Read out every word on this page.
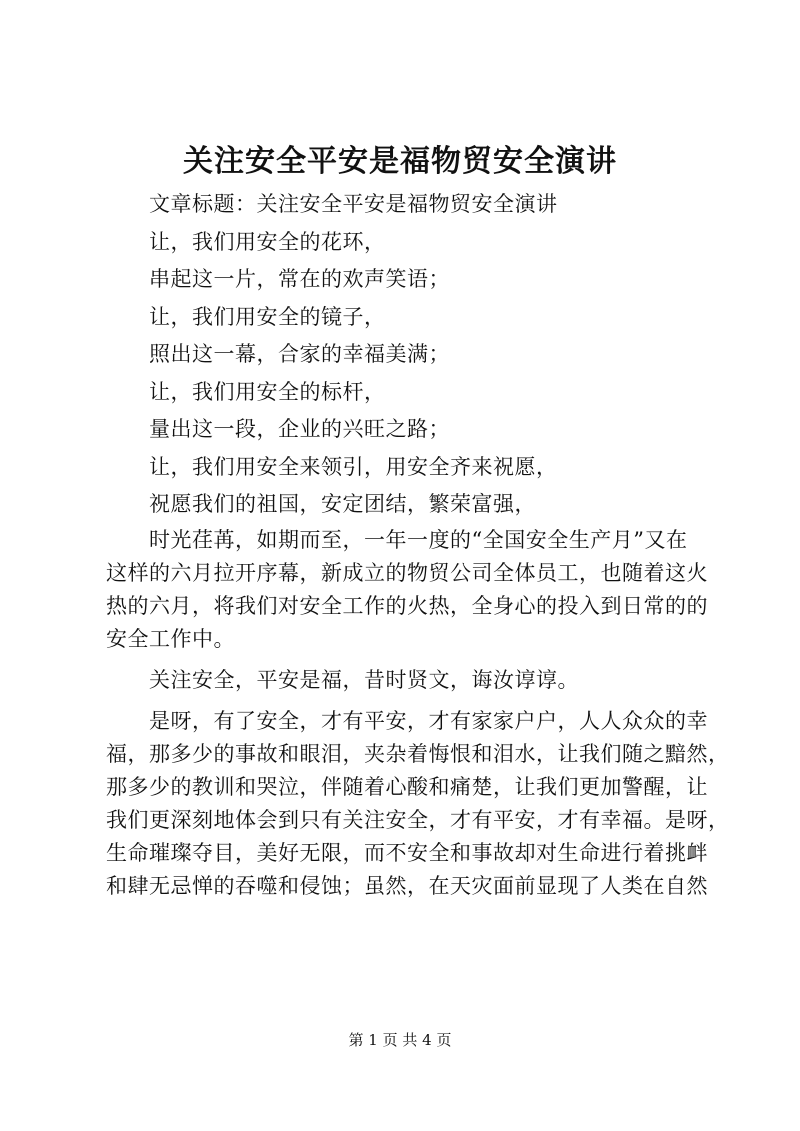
关注安全平安是福物贸安全演讲
文章标题：关注安全平安是福物贸安全演讲
让，我们用安全的花环，
串起这一片，常在的欢声笑语；
让，我们用安全的镜子，
照出这一幕，合家的幸福美满；
让，我们用安全的标杆，
量出这一段，企业的兴旺之路；
让，我们用安全来领引，用安全齐来祝愿，
祝愿我们的祖国，安定团结，繁荣富强，
时光荏苒，如期而至，一年一度的“全国安全生产月”又在
这样的六月拉开序幕，新成立的物贸公司全体员工，也随着这火
热的六月，将我们对安全工作的火热，全身心的投入到日常的的
安全工作中。
关注安全，平安是福，昔时贤文，诲汝谆谆。
是呀，有了安全，才有平安，才有家家户户，人人众众的幸
福，那多少的事故和眼泪，夹杂着悔恨和泪水，让我们随之黯然，
那多少的教训和哭泣，伴随着心酸和痛楚，让我们更加警醒，让
我们更深刻地体会到只有关注安全，才有平安，才有幸福。是呀，
生命璀璨夺目，美好无限，而不安全和事故却对生命进行着挑衅
和肆无忌惮的吞噬和侵蚀；虽然，在天灾面前显现了人类在自然
第 1 页 共 4 页
